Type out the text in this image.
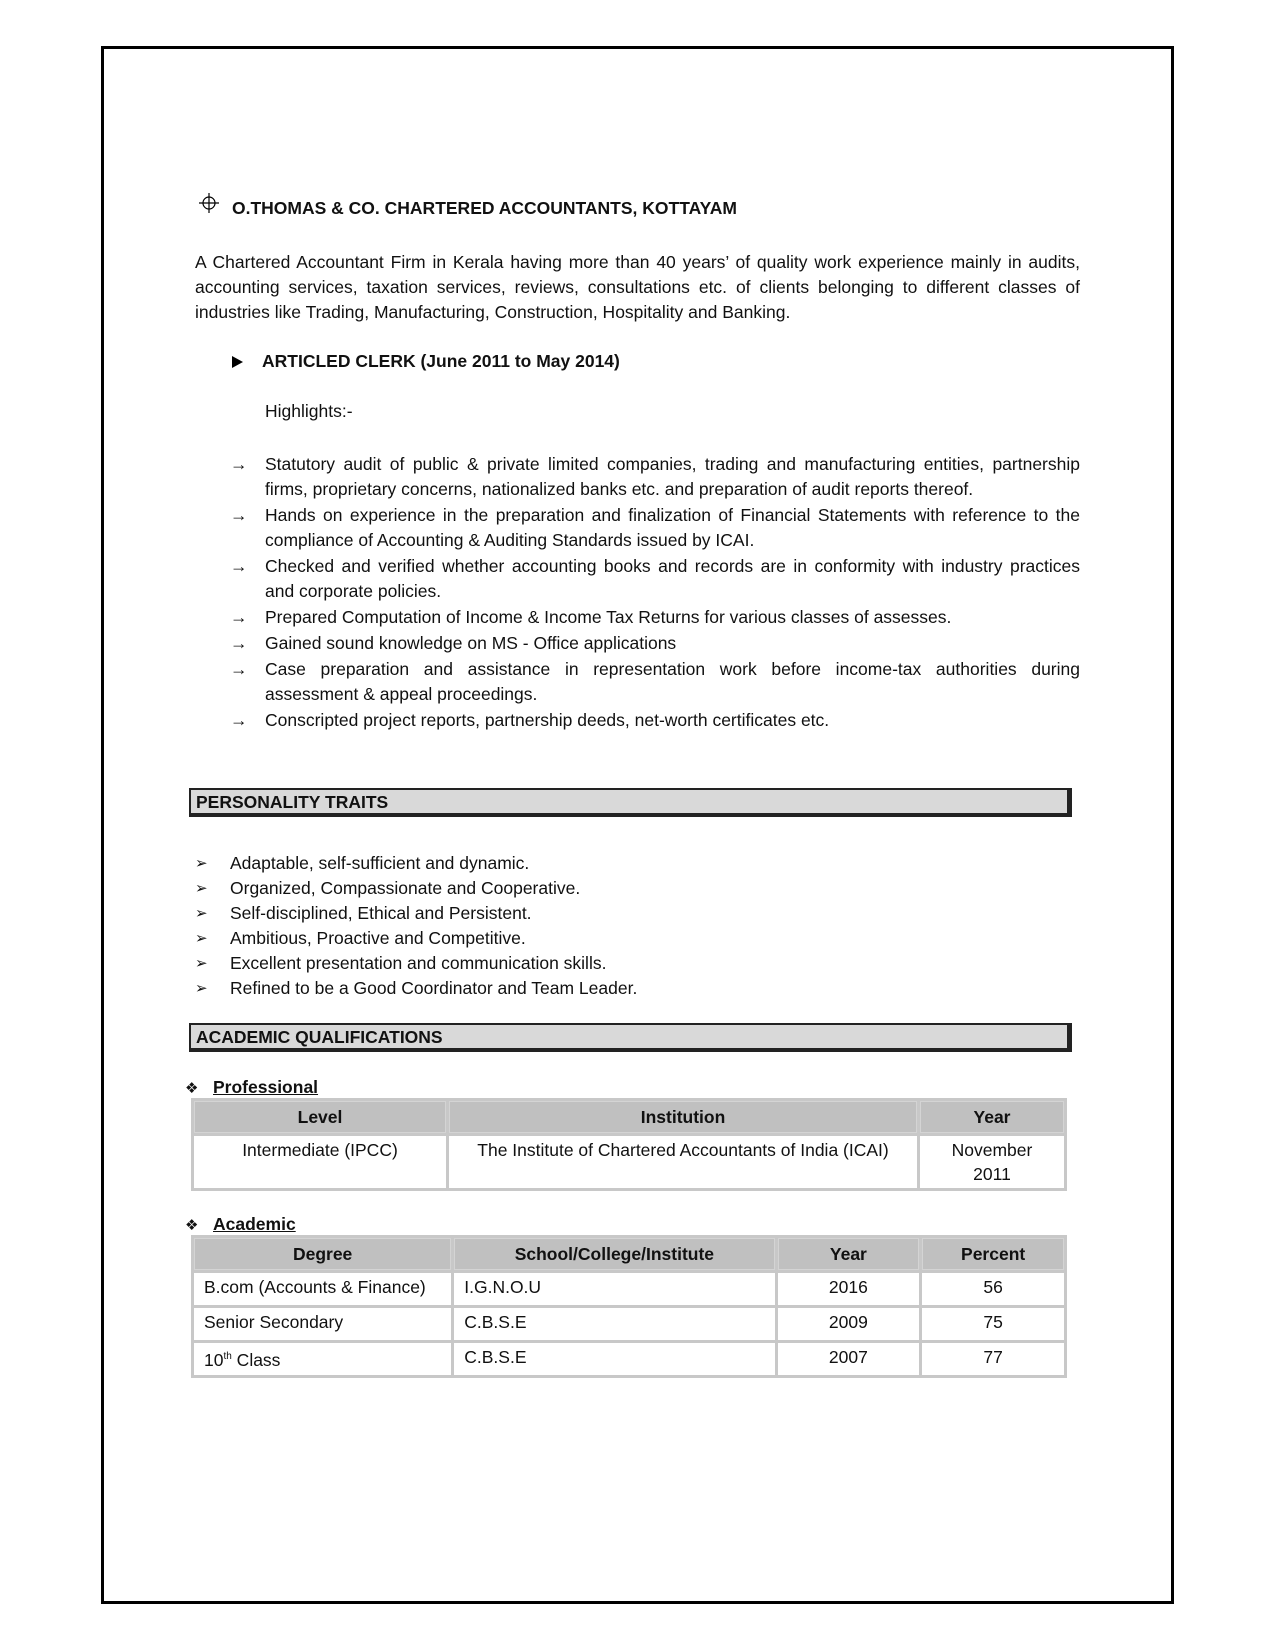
O.THOMAS & CO. CHARTERED ACCOUNTANTS, KOTTAYAM
A Chartered Accountant Firm in Kerala having more than 40 years’ of quality work experience mainly in audits, accounting services, taxation services, reviews, consultations etc. of clients belonging to different classes of industries like Trading, Manufacturing, Construction, Hospitality and Banking.
ARTICLED CLERK (June 2011 to May 2014)
Highlights:-
→	Statutory audit of public & private limited companies, trading and manufacturing entities, partnership firms, proprietary concerns, nationalized banks etc. and preparation of audit reports thereof.
→	Hands on experience in the preparation and finalization of Financial Statements with reference to the compliance of Accounting & Auditing Standards issued by ICAI.
→	Checked and verified whether accounting books and records are in conformity with industry practices and corporate policies.
→	Prepared Computation of Income & Income Tax Returns for various classes of assesses.
→	Gained sound knowledge on MS - Office applications
→	Case preparation and assistance in representation work before income-tax authorities during assessment & appeal proceedings.
→	Conscripted project reports, partnership deeds, net-worth certificates etc.
PERSONALITY TRAITS
➢	Adaptable, self-sufficient and dynamic.
➢	Organized, Compassionate and Cooperative.
➢	Self-disciplined, Ethical and Persistent.
➢	Ambitious, Proactive and Competitive.
➢	Excellent presentation and communication skills.
➢	Refined to be a Good Coordinator and Team Leader.
ACADEMIC QUALIFICATIONS
❖ Professional
Level	Institution	Year
Intermediate (IPCC)	The Institute of Chartered Accountants of India (ICAI)	November
2011
❖ Academic
Degree	School/College/Institute	Year	Percent
B.com (Accounts & Finance)	I.G.N.O.U	2016	56
Senior Secondary	C.B.S.E	2009	75
10th Class	C.B.S.E	2007	77
